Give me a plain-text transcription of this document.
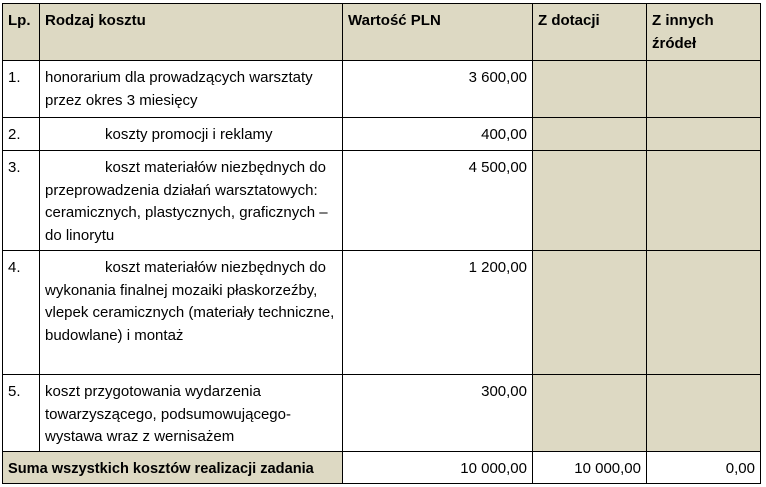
Lp.	Rodzaj kosztu	Wartość PLN	Z dotacji	Z innych źródeł
1.	honorarium dla prowadzących warsztaty przez okres 3 miesięcy	3 600,00		
2.	koszty promocji i reklamy	400,00		
3.	koszt materiałów niezbędnych do przeprowadzenia działań warsztatowych: ceramicznych, plastycznych, graficznych – do linorytu	4 500,00		
4.	koszt materiałów niezbędnych do wykonania finalnej mozaiki płaskorzeźby, vlepek ceramicznych (materiały techniczne, budowlane) i montaż	1 200,00		
5.	koszt przygotowania wydarzenia towarzyszącego, podsumowującego- wystawa wraz z wernisażem	300,00		
Suma wszystkich kosztów realizacji zadania		10 000,00	10 000,00	0,00
